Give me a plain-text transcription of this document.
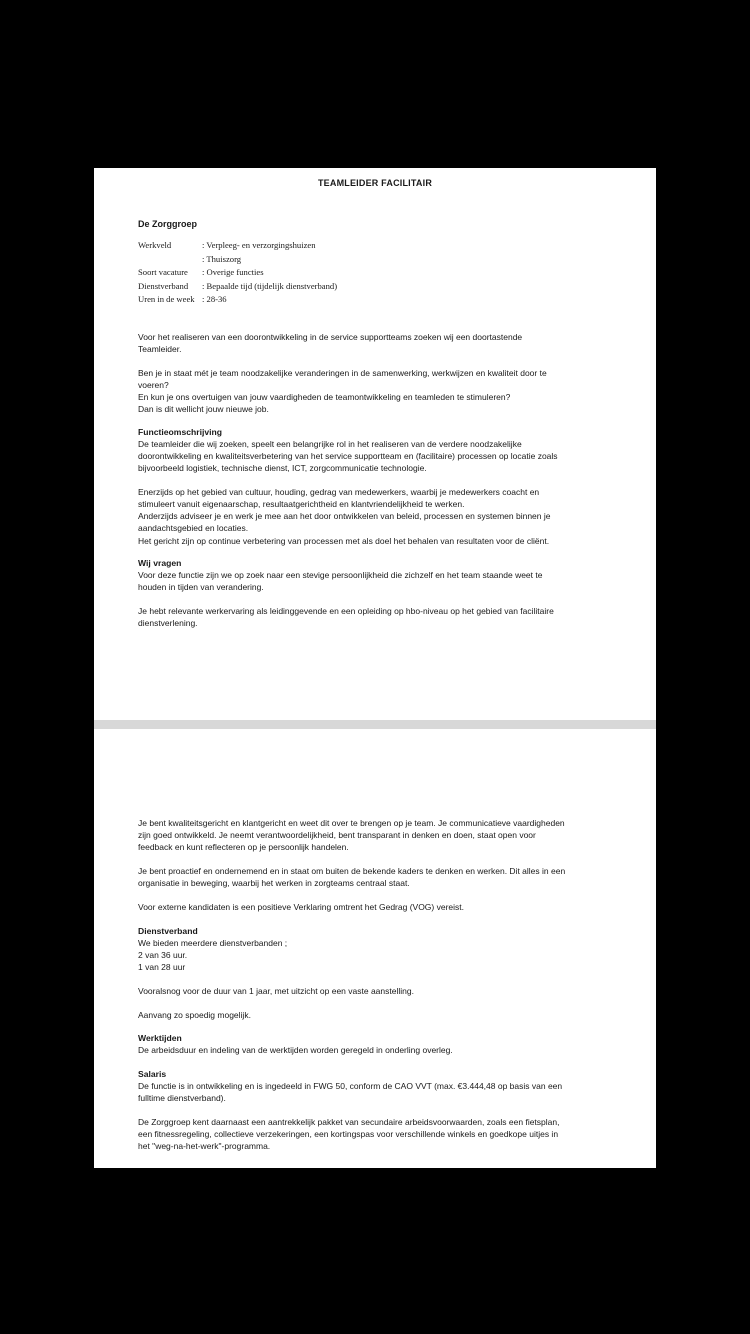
TEAMLEIDER FACILITAIR
De Zorggroep
Werkveld	: Verpleeg- en verzorgingshuizen
: Thuiszorg
Soort vacature	: Overige functies
Dienstverband	: Bepaalde tijd (tijdelijk dienstverband)
Uren in de week : 28-36
Voor het realiseren van een doorontwikkeling in de service supportteams zoeken wij een doortastende
Teamleider.
Ben je in staat mét je team noodzakelijke veranderingen in de samenwerking, werkwijzen en kwaliteit door te
voeren?
En kun je ons overtuigen van jouw vaardigheden de teamontwikkeling en teamleden te stimuleren?
Dan is dit wellicht jouw nieuwe job.
Functieomschrijving
De teamleider die wij zoeken, speelt een belangrijke rol in het realiseren van de verdere noodzakelijke
doorontwikkeling en kwaliteitsverbetering van het service supportteam en (facilitaire) processen op locatie zoals
bijvoorbeeld logistiek, technische dienst, ICT, zorgcommunicatie technologie.
Enerzijds op het gebied van cultuur, houding, gedrag van medewerkers, waarbij je medewerkers coacht en
stimuleert vanuit eigenaarschap, resultaatgerichtheid en klantvriendelijkheid te werken.
Anderzijds adviseer je en werk je mee aan het door ontwikkelen van beleid, processen en systemen binnen je
aandachtsgebied en locaties.
Het gericht zijn op continue verbetering van processen met als doel het behalen van resultaten voor de cliënt.
Wij vragen
Voor deze functie zijn we op zoek naar een stevige persoonlijkheid die zichzelf en het team staande weet te
houden in tijden van verandering.
Je hebt relevante werkervaring als leidinggevende en een opleiding op hbo-niveau op het gebied van facilitaire
dienstverlening.
Je bent kwaliteitsgericht en klantgericht en weet dit over te brengen op je team. Je communicatieve vaardigheden
zijn goed ontwikkeld. Je neemt verantwoordelijkheid, bent transparant in denken en doen, staat open voor
feedback en kunt reflecteren op je persoonlijk handelen.
Je bent proactief en ondernemend en in staat om buiten de bekende kaders te denken en werken. Dit alles in een
organisatie in beweging, waarbij het werken in zorgteams centraal staat.
Voor externe kandidaten is een positieve Verklaring omtrent het Gedrag (VOG) vereist.
Dienstverband
We bieden meerdere dienstverbanden ;
2 van 36 uur.
1 van 28 uur
Vooralsnog voor de duur van 1 jaar, met uitzicht op een vaste aanstelling.
Aanvang zo spoedig mogelijk.
Werktijden
De arbeidsduur en indeling van de werktijden worden geregeld in onderling overleg.
Salaris
De functie is in ontwikkeling en is ingedeeld in FWG 50, conform de CAO VVT (max. €3.444,48 op basis van een
fulltime dienstverband).
De Zorggroep kent daarnaast een aantrekkelijk pakket van secundaire arbeidsvoorwaarden, zoals een fietsplan,
een fitnessregeling, collectieve verzekeringen, een kortingspas voor verschillende winkels en goedkope uitjes in
het "weg-na-het-werk"-programma.
